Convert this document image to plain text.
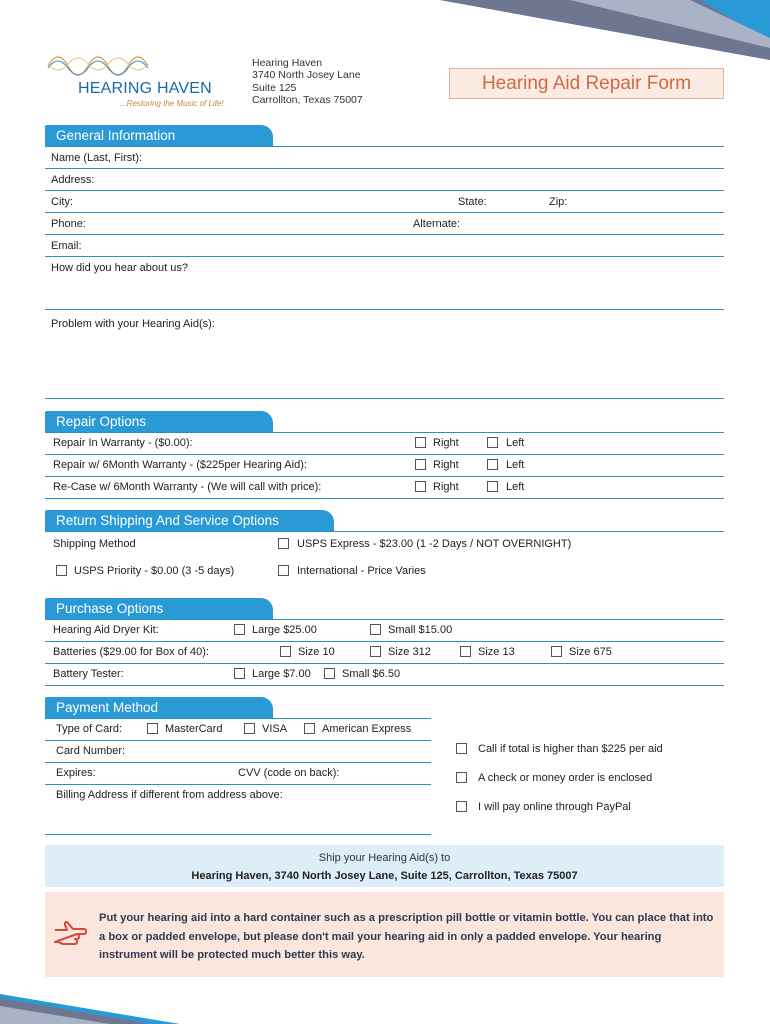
HEARING HAVEN
...Restoring the Music of Life!
Hearing Haven
3740 North Josey Lane
Suite 125
Carrollton, Texas 75007
Hearing Aid Repair Form
General Information
Name (Last, First):
Address:
City:	State:	Zip:
Phone:	Alternate:
Email:
How did you hear about us?
Problem with your Hearing Aid(s):
Repair Options
Repair In Warranty - ($0.00):	Right	Left
Repair w/ 6Month Warranty - ($225per Hearing Aid):	Right	Left
Re-Case w/ 6Month Warranty - (We will call with price):	Right	Left
Return Shipping And Service Options
Shipping Method	USPS Express - $23.00 (1 -2 Days / NOT OVERNIGHT)
USPS Priority - $0.00 (3 -5 days)	International - Price Varies
Purchase Options
Hearing Aid Dryer Kit:	Large $25.00	Small $15.00
Batteries ($29.00 for Box of 40):	Size 10	Size 312	Size 13	Size 675
Battery Tester:	Large $7.00	Small $6.50
Payment Method
Type of Card:	MasterCard	VISA	American Express
Card Number:
Expires:	CVV (code on back):
Billing Address if different from address above:
Call if total is higher than $225 per aid
A check or money order is enclosed
I will pay online through PayPal
Ship your Hearing Aid(s) to
Hearing Haven, 3740 North Josey Lane, Suite 125, Carrollton, Texas 75007
Put your hearing aid into a hard container such as a prescription pill bottle or vitamin bottle. You can place that into a box or padded envelope, but please don't mail your hearing aid in only a padded envelope. Your hearing instrument will be protected much better this way.
